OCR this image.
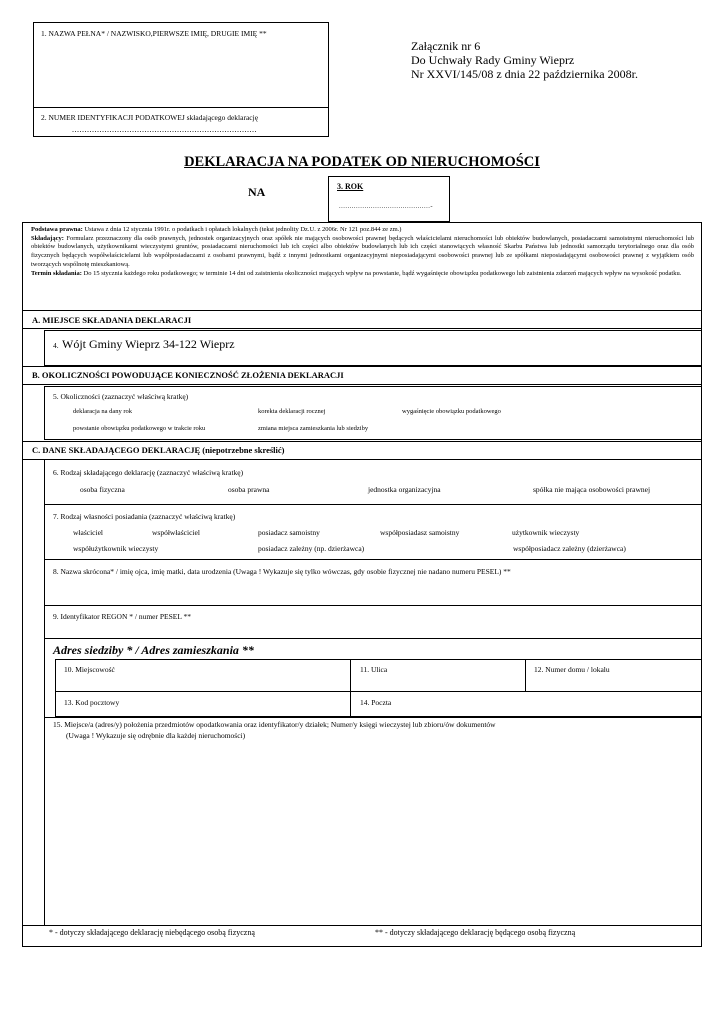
1. NAZWA PEŁNA* / NAZWISKO,PIERWSZE IMIĘ, DRUGIE IMIĘ **
2. NUMER IDENTYFIKACJI PODATKOWEJ składającego deklarację
..........................................................................
Załącznik nr 6
Do Uchwały Rady Gminy Wieprz
Nr XXVI/145/08 z dnia 22 października 2008r.
DEKLARACJA NA PODATEK OD NIERUCHOMOŚCI
NA	3. ROK
...........................................-
Podstawa prawna: Ustawa z dnia 12 stycznia 1991r. o podatkach i opłatach lokalnych (tekst jednolity Dz.U. z 2006r. Nr 121 poz.844 ze zm.)
Składający: Formularz przeznaczony dla osób prawnych, jednostek organizacyjnych oraz spółek nie mających osobowości prawnej będących właścicielami nieruchomości lub obiektów budowlanych, posiadaczami samoistnymi nieruchomości lub obiektów budowlanych, użytkownikami wieczystymi gruntów, posiadaczami nieruchomości lub ich części albo obiektów budowlanych lub ich części stanowiących własność Skarbu Państwa lub jednostki samorządu terytorialnego oraz dla osób fizycznych będących współwłaścicielami lub współposiadaczami z osobami prawnymi, bądź z innymi jednostkami organizacyjnymi nieposiadającymi osobowości prawnej lub ze spółkami nieposiadającymi osobowości prawnej z wyjątkiem osób tworzących wspólnotę mieszkaniową.
Termin składania: Do 15 stycznia każdego roku podatkowego; w terminie 14 dni od zaistnienia okoliczności mających wpływ na powstanie, bądź wygaśnięcie obowiązku podatkowego lub zaistnienia zdarzeń mających wpływ na wysokość podatku.
A. MIEJSCE SKŁADANIA DEKLARACJI
4. Wójt Gminy Wieprz 34-122 Wieprz
B. OKOLICZNOŚCI POWODUJĄCE KONIECZNOŚĆ ZŁOŻENIA DEKLARACJI
5. Okoliczności (zaznaczyć właściwą kratkę)
deklaracja na dany rok	korekta deklaracji rocznej	wygaśnięcie obowiązku podatkowego
powstanie obowiązku podatkowego w trakcie roku	zmiana miejsca zamieszkania lub siedziby
C. DANE SKŁADAJĄCEGO DEKLARACJĘ (niepotrzebne skreślić)
6. Rodzaj składającego deklarację (zaznaczyć właściwą kratkę)
osoba fizyczna	osoba prawna	jednostka organizacyjna	spółka nie mająca osobowości prawnej
7. Rodzaj własności posiadania (zaznaczyć właściwą kratkę)
właściciel	współwłaściciel	posiadacz samoistny	współposiadasz samoistny	użytkownik wieczysty
współużytkownik wieczysty	posiadacz zależny (np. dzierżawca)	współposiadacz zależny (dzierżawca)
8. Nazwa skrócona* / imię ojca, imię matki, data urodzenia (Uwaga ! Wykazuje się tylko wówczas, gdy osobie fizycznej nie nadano numeru PESEL) **
9. Identyfikator REGON * / numer PESEL **
Adres siedziby * / Adres zamieszkania **
10. Miejscowość	11. Ulica	12. Numer domu / lokalu
13. Kod pocztowy	14. Poczta
15. Miejsce/a (adres/y) położenia przedmiotów opodatkowania oraz identyfikator/y działek; Numer/y księgi wieczystej lub zbioru/ów dokumentów
(Uwaga ! Wykazuje się odrębnie dla każdej nieruchomości)
* - dotyczy składającego deklarację niebędącego osobą fizyczną	** - dotyczy składającego deklarację będącego osobą fizyczną
